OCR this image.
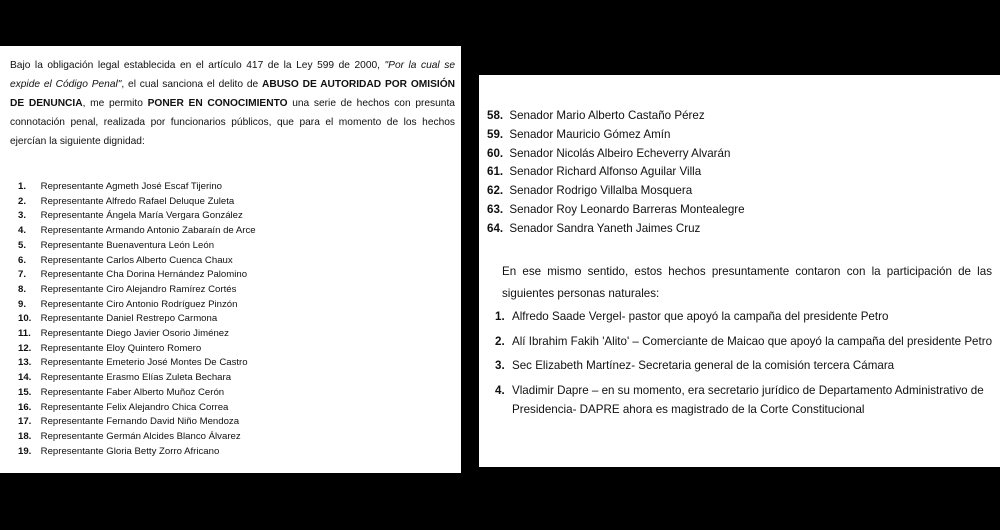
Bajo la obligación legal establecida en el artículo 417 de la Ley 599 de 2000, "Por la cual se expide el Código Penal", el cual sanciona el delito de ABUSO DE AUTORIDAD POR OMISIÓN DE DENUNCIA, me permito PONER EN CONOCIMIENTO una serie de hechos con presunta connotación penal, realizada por funcionarios públicos, que para el momento de los hechos ejercían la siguiente dignidad:

1. Representante Agmeth José Escaf Tijerino
2. Representante Alfredo Rafael Deluque Zuleta
3. Representante Ángela María Vergara González
4. Representante Armando Antonio Zabaraín de Arce
5. Representante Buenaventura León León
6. Representante Carlos Alberto Cuenca Chaux
7. Representante Cha Dorina Hernández Palomino
8. Representante Ciro Alejandro Ramírez Cortés
9. Representante Ciro Antonio Rodríguez Pinzón
10. Representante Daniel Restrepo Carmona
11. Representante Diego Javier Osorio Jiménez
12. Representante Eloy Quintero Romero
13. Representante Emeterio José Montes De Castro
14. Representante Erasmo Elías Zuleta Bechara
15. Representante Faber Alberto Muñoz Cerón
16. Representante Felix Alejandro Chica Correa
17. Representante Fernando David Niño Mendoza
18. Representante Germán Alcides Blanco Álvarez
19. Representante Gloria Betty Zorro Africano
58. Senador Mario Alberto Castaño Pérez
59. Senador Mauricio Gómez Amín
60. Senador Nicolás Albeiro Echeverry Alvarán
61. Senador Richard Alfonso Aguilar Villa
62. Senador Rodrigo Villalba Mosquera
63. Senador Roy Leonardo Barreras Montealegre
64. Senador Sandra Yaneth Jaimes Cruz

En ese mismo sentido, estos hechos presuntamente contaron con la participación de las siguientes personas naturales:

1. Alfredo Saade Vergel- pastor que apoyó la campaña del presidente Petro
2. Alí Ibrahim Fakih 'Alito' – Comerciante de Maicao que apoyó la campaña del presidente Petro
3. Sec Elizabeth Martínez- Secretaria general de la comisión tercera Cámara
4. Vladimir Dapre – en su momento, era secretario jurídico de Departamento Administrativo de Presidencia- DAPRE ahora es magistrado de la Corte Constitucional
